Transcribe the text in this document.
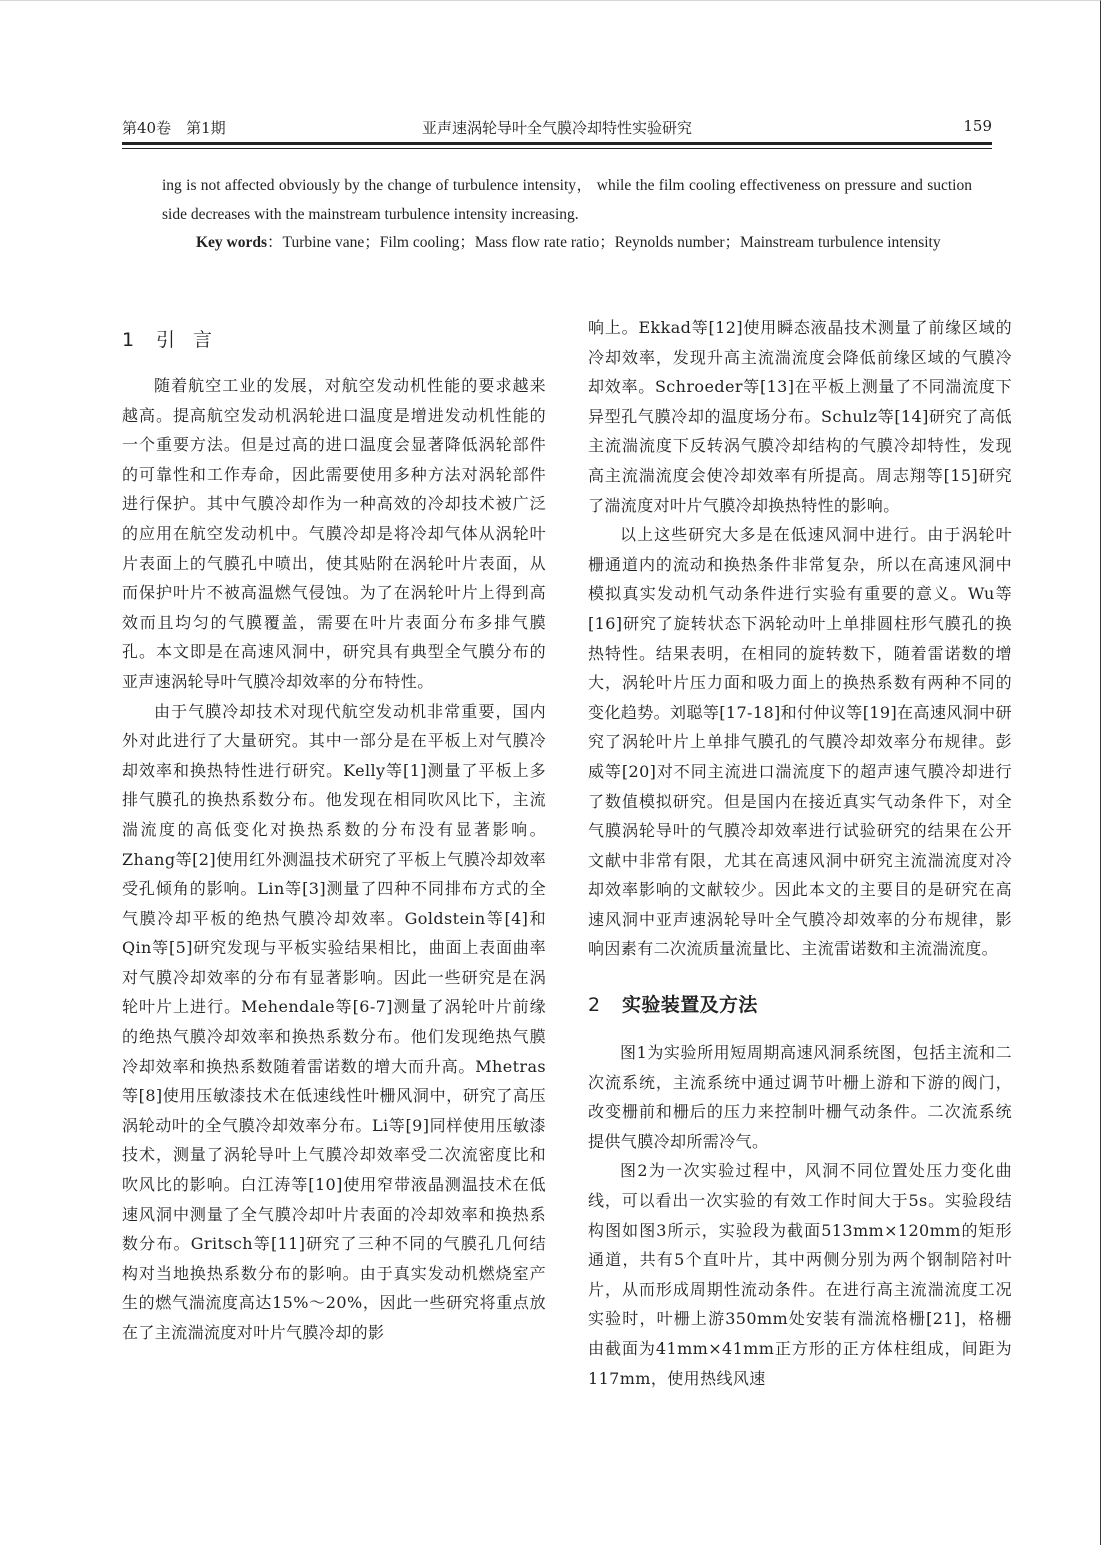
第40卷　第1期	亚声速涡轮导叶全气膜冷却特性实验研究	159

ing is not affected obviously by the change of turbulence intensity， while the film cooling effectiveness on pressure and suction side decreases with the mainstream turbulence intensity increasing.

Key words：Turbine vane；Film cooling；Mass flow rate ratio；Reynolds number；Mainstream turbulence intensity

1 引言

随着航空工业的发展，对航空发动机性能的要求越来越高。提高航空发动机涡轮进口温度是增进发动机性能的一个重要方法。但是过高的进口温度会显著降低涡轮部件的可靠性和工作寿命，因此需要使用多种方法对涡轮部件进行保护。其中气膜冷却作为一种高效的冷却技术被广泛的应用在航空发动机中。气膜冷却是将冷却气体从涡轮叶片表面上的气膜孔中喷出，使其贴附在涡轮叶片表面，从而保护叶片不被高温燃气侵蚀。为了在涡轮叶片上得到高效而且均匀的气膜覆盖，需要在叶片表面分布多排气膜孔。本文即是在高速风洞中，研究具有典型全气膜分布的亚声速涡轮导叶气膜冷却效率的分布特性。

由于气膜冷却技术对现代航空发动机非常重要，国内外对此进行了大量研究。其中一部分是在平板上对气膜冷却效率和换热特性进行研究。Kelly等[1]测量了平板上多排气膜孔的换热系数分布。他发现在相同吹风比下，主流湍流度的高低变化对换热系数的分布没有显著影响。Zhang等[2]使用红外测温技术研究了平板上气膜冷却效率受孔倾角的影响。Lin等[3]测量了四种不同排布方式的全气膜冷却平板的绝热气膜冷却效率。Goldstein等[4]和Qin等[5]研究发现与平板实验结果相比，曲面上表面曲率对气膜冷却效率的分布有显著影响。因此一些研究是在涡轮叶片上进行。Mehendale等[6-7]测量了涡轮叶片前缘的绝热气膜冷却效率和换热系数分布。他们发现绝热气膜冷却效率和换热系数随着雷诺数的增大而升高。Mhetras等[8]使用压敏漆技术在低速线性叶栅风洞中，研究了高压涡轮动叶的全气膜冷却效率分布。Li等[9]同样使用压敏漆技术，测量了涡轮导叶上气膜冷却效率受二次流密度比和吹风比的影响。白江涛等[10]使用窄带液晶测温技术在低速风洞中测量了全气膜冷却叶片表面的冷却效率和换热系数分布。Gritsch等[11]研究了三种不同的气膜孔几何结构对当地换热系数分布的影响。由于真实发动机燃烧室产生的燃气湍流度高达15%～20%，因此一些研究将重点放在了主流湍流度对叶片气膜冷却的影

响上。Ekkad等[12]使用瞬态液晶技术测量了前缘区域的冷却效率，发现升高主流湍流度会降低前缘区域的气膜冷却效率。Schroeder等[13]在平板上测量了不同湍流度下异型孔气膜冷却的温度场分布。Schulz等[14]研究了高低主流湍流度下反转涡气膜冷却结构的气膜冷却特性，发现高主流湍流度会使冷却效率有所提高。周志翔等[15]研究了湍流度对叶片气膜冷却换热特性的影响。

以上这些研究大多是在低速风洞中进行。由于涡轮叶栅通道内的流动和换热条件非常复杂，所以在高速风洞中模拟真实发动机气动条件进行实验有重要的意义。Wu等[16]研究了旋转状态下涡轮动叶上单排圆柱形气膜孔的换热特性。结果表明，在相同的旋转数下，随着雷诺数的增大，涡轮叶片压力面和吸力面上的换热系数有两种不同的变化趋势。刘聪等[17-18]和付仲议等[19]在高速风洞中研究了涡轮叶片上单排气膜孔的气膜冷却效率分布规律。彭威等[20]对不同主流进口湍流度下的超声速气膜冷却进行了数值模拟研究。但是国内在接近真实气动条件下，对全气膜涡轮导叶的气膜冷却效率进行试验研究的结果在公开文献中非常有限，尤其在高速风洞中研究主流湍流度对冷却效率影响的文献较少。因此本文的主要目的是研究在高速风洞中亚声速涡轮导叶全气膜冷却效率的分布规律，影响因素有二次流质量流量比、主流雷诺数和主流湍流度。

2 实验装置及方法

图1为实验所用短周期高速风洞系统图，包括主流和二次流系统，主流系统中通过调节叶栅上游和下游的阀门，改变栅前和栅后的压力来控制叶栅气动条件。二次流系统提供气膜冷却所需冷气。

图2为一次实验过程中，风洞不同位置处压力变化曲线，可以看出一次实验的有效工作时间大于5s。实验段结构图如图3所示，实验段为截面513mm×120mm的矩形通道，共有5个直叶片，其中两侧分别为两个钢制陪衬叶片，从而形成周期性流动条件。在进行高主流湍流度工况实验时，叶栅上游350mm处安装有湍流格栅[21]，格栅由截面为41mm×41mm正方形的正方体柱组成，间距为117mm，使用热线风速
